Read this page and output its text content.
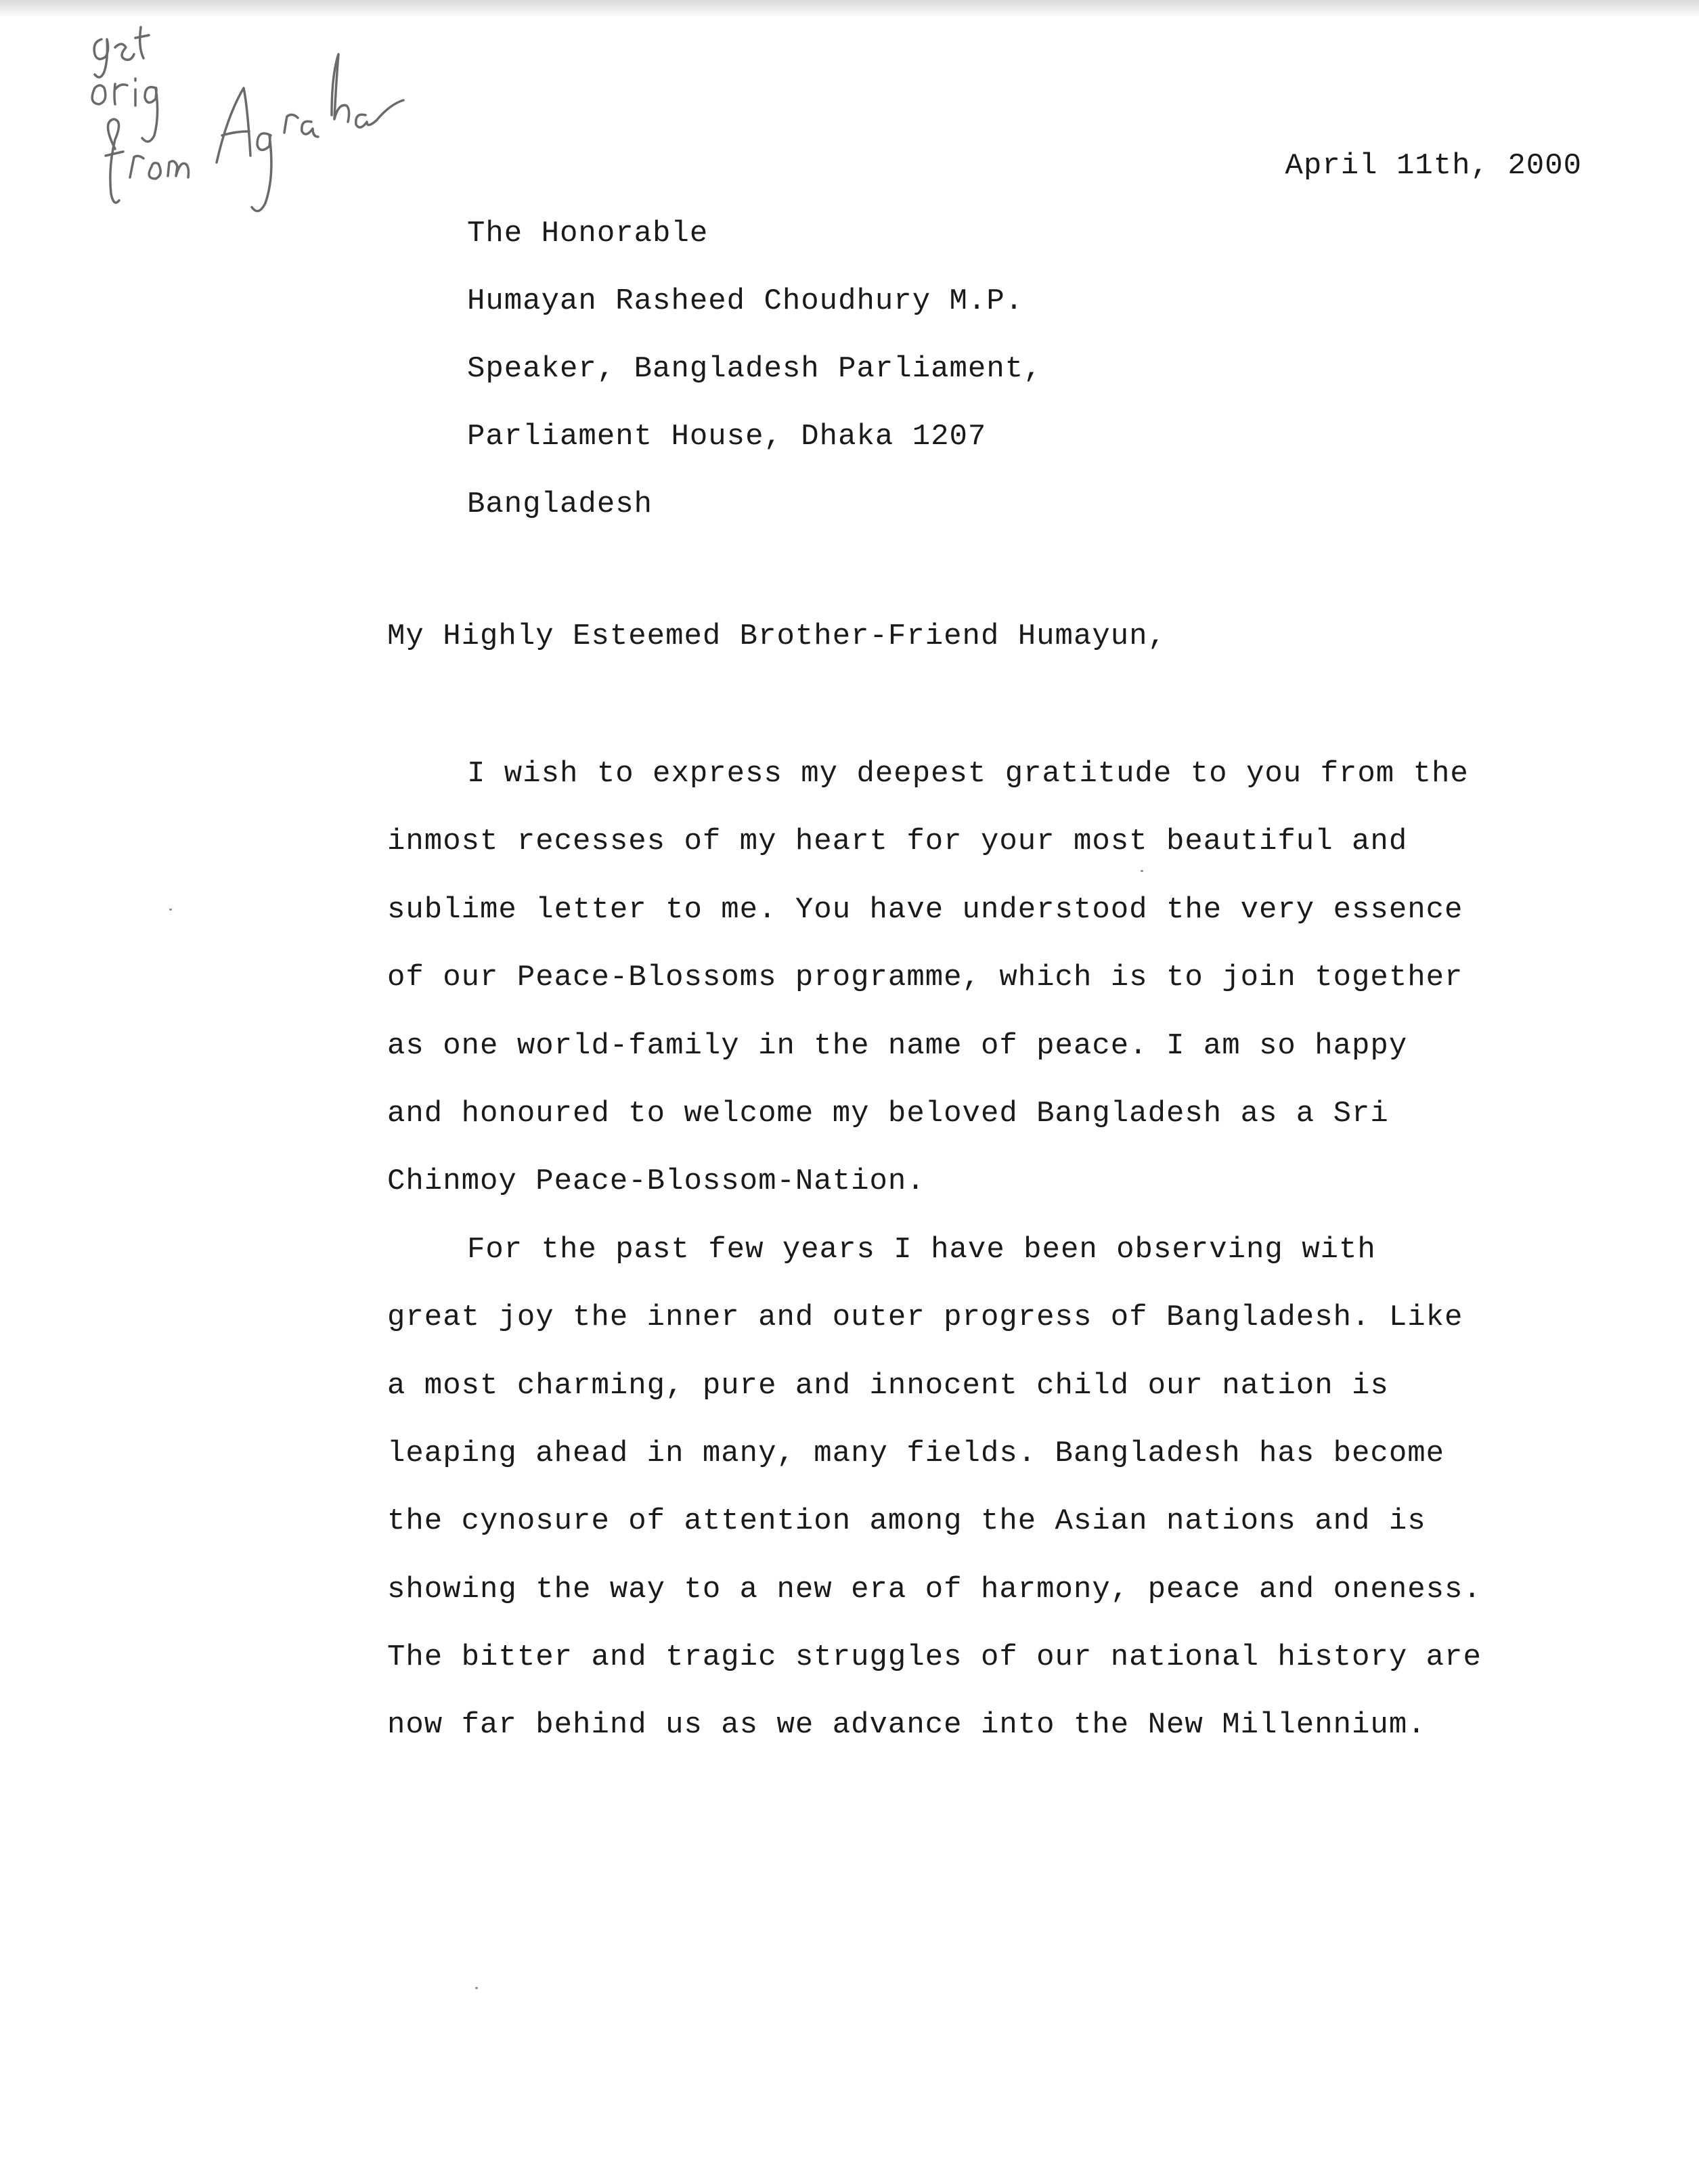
April 11th, 2000
The Honorable
Humayan Rasheed Choudhury M.P.
Speaker, Bangladesh Parliament,
Parliament House, Dhaka 1207
Bangladesh
My Highly Esteemed Brother-Friend Humayun,
I wish to express my deepest gratitude to you from the
inmost recesses of my heart for your most beautiful and
sublime letter to me. You have understood the very essence
of our Peace-Blossoms programme, which is to join together
as one world-family in the name of peace. I am so happy
and honoured to welcome my beloved Bangladesh as a Sri
Chinmoy Peace-Blossom-Nation.
For the past few years I have been observing with
great joy the inner and outer progress of Bangladesh. Like
a most charming, pure and innocent child our nation is
leaping ahead in many, many fields. Bangladesh has become
the cynosure of attention among the Asian nations and is
showing the way to a new era of harmony, peace and oneness.
The bitter and tragic struggles of our national history are
now far behind us as we advance into the New Millennium.
